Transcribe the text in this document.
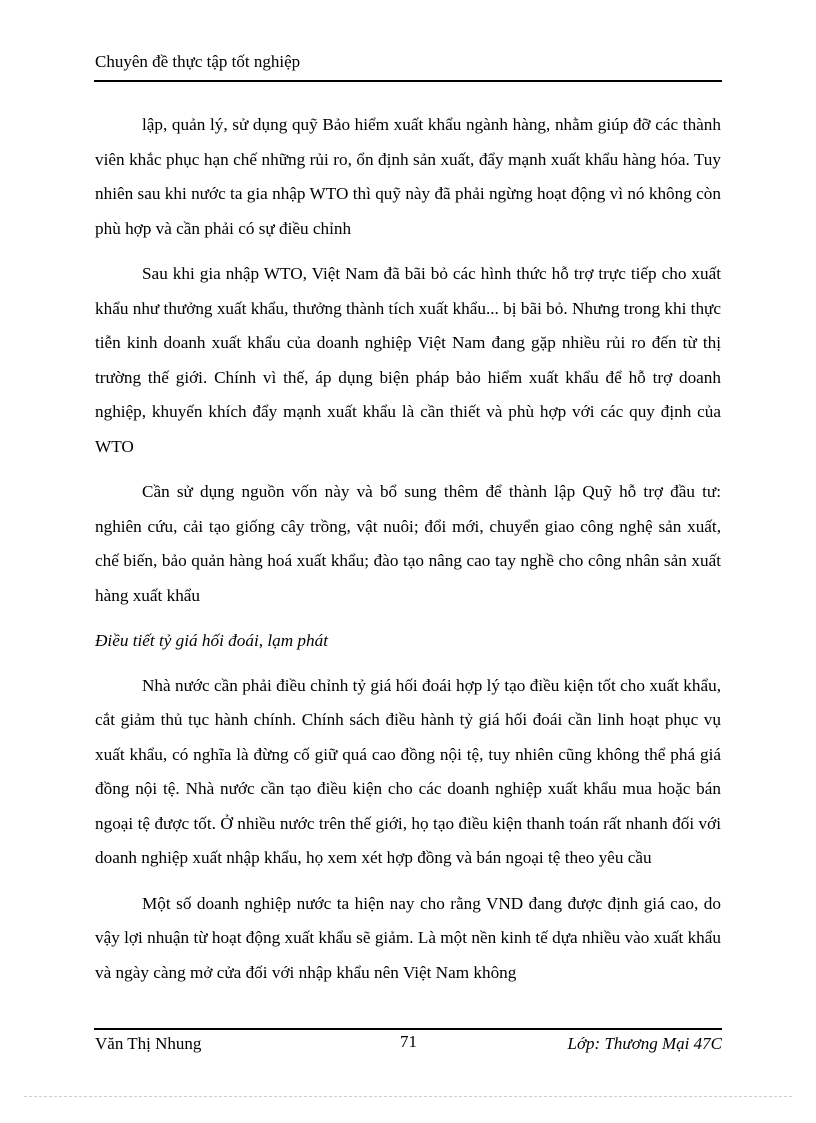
Chuyên đề thực tập tốt nghiệp

lập, quản lý, sử dụng quỹ Bảo hiểm xuất khẩu ngành hàng, nhằm giúp đỡ các thành viên khắc phục hạn chế những rủi ro, ổn định sản xuất, đẩy mạnh xuất khẩu hàng hóa. Tuy nhiên sau khi nước ta gia nhập WTO thì quỹ này đã phải ngừng hoạt động vì nó không còn phù hợp và cần phải có sự điều chỉnh

Sau khi gia nhập WTO, Việt Nam đã bãi bỏ các hình thức hỗ trợ trực tiếp cho xuất khẩu như thưởng xuất khẩu, thưởng thành tích xuất khẩu... bị bãi bỏ. Nhưng trong khi thực tiễn kinh doanh xuất khẩu của doanh nghiệp Việt Nam đang gặp nhiều rủi ro đến từ thị trường thế giới. Chính vì thế, áp dụng biện pháp bảo hiểm xuất khẩu để hỗ trợ doanh nghiệp, khuyến khích đẩy mạnh xuất khẩu là cần thiết và phù hợp với các quy định của WTO

Cần sử dụng nguồn vốn này và bổ sung thêm để thành lập Quỹ hỗ trợ đầu tư: nghiên cứu, cải tạo giống cây trồng, vật nuôi; đổi mới, chuyển giao công nghệ sản xuất, chế biến, bảo quản hàng hoá xuất khẩu; đào tạo nâng cao tay nghề cho công nhân sản xuất hàng xuất khẩu

Điều tiết tỷ giá hối đoái, lạm phát

Nhà nước cần phải điều chỉnh tỷ giá hối đoái hợp lý tạo điều kiện tốt cho xuất khẩu, cắt giảm thủ tục hành chính. Chính sách điều hành tỷ giá hối đoái cần linh hoạt phục vụ xuất khẩu, có nghĩa là đừng cố giữ quá cao đồng nội tệ, tuy nhiên cũng không thể phá giá đồng nội tệ. Nhà nước cần tạo điều kiện cho các doanh nghiệp xuất khẩu mua hoặc bán ngoại tệ được tốt. Ở nhiều nước trên thế giới, họ tạo điều kiện thanh toán rất nhanh đối với doanh nghiệp xuất nhập khẩu, họ xem xét hợp đồng và bán ngoại tệ theo yêu cầu

Một số doanh nghiệp nước ta hiện nay cho rằng VND đang được định giá cao, do vậy lợi nhuận từ hoạt động xuất khẩu sẽ giảm. Là một nền kinh tế dựa nhiều vào xuất khẩu và ngày càng mở cửa đối với nhập khẩu nên Việt Nam không

Văn Thị Nhung	71	Lớp: Thương Mại 47C
